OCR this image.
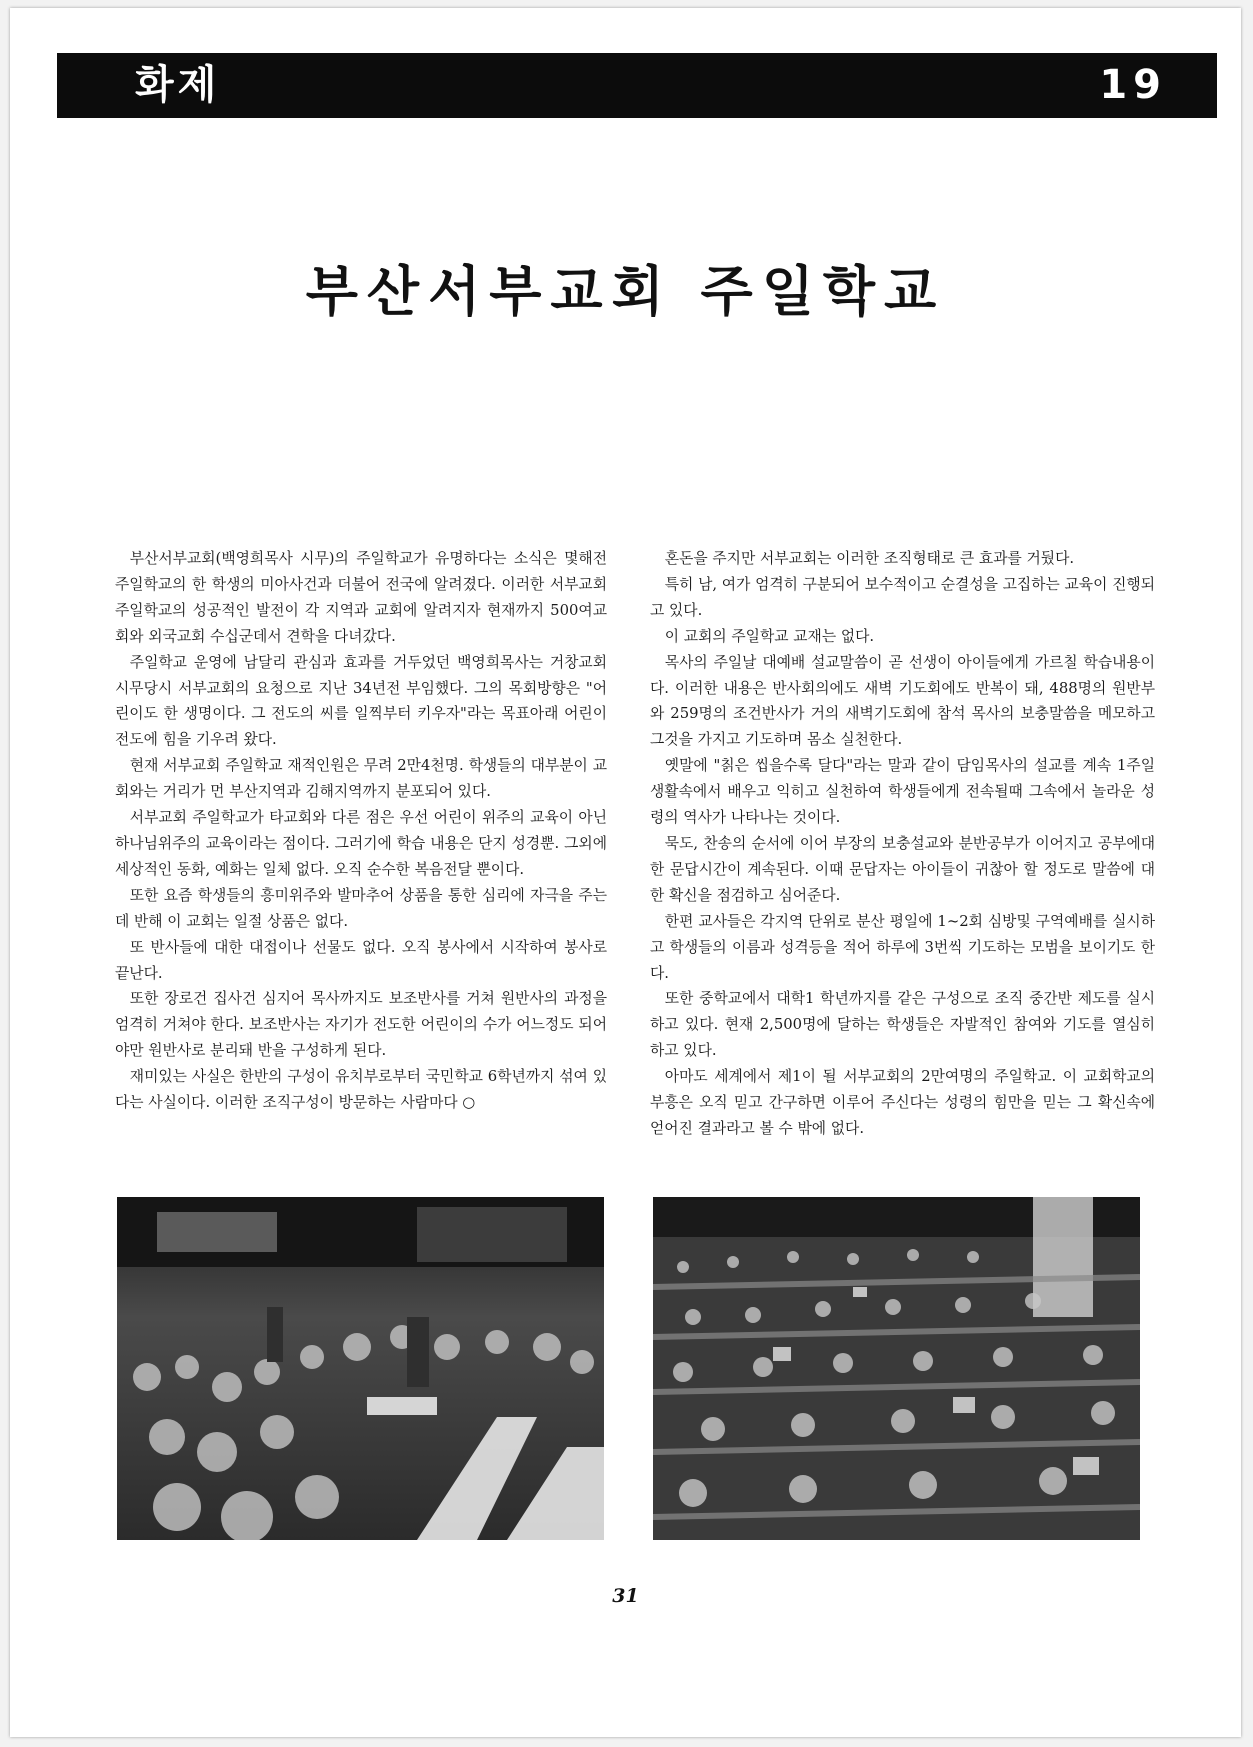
화제	19
부산서부교회 주일학교

부산서부교회(백영희목사 시무)의 주일학교가 유명하다는 소식은 몇해전 주일학교의 한 학생의 미아사건과 더불어 전국에 알려졌다. 이러한 서부교회 주일학교의 성공적인 발전이 각 지역과 교회에 알려지자 현재까지 500여교회와 외국교회 수십군데서 견학을 다녀갔다.

주일학교 운영에 남달리 관심과 효과를 거두었던 백영희목사는 거창교회 시무당시 서부교회의 요청으로 지난 34년전 부임했다. 그의 목회방향은 "어린이도 한 생명이다. 그 전도의 씨를 일찍부터 키우자"라는 목표아래 어린이 전도에 힘을 기우려 왔다.

현재 서부교회 주일학교 재적인원은 무려 2만4천명. 학생들의 대부분이 교회와는 거리가 먼 부산지역과 김해지역까지 분포되어 있다.

서부교회 주일학교가 타교회와 다른 점은 우선 어린이 위주의 교육이 아닌 하나님위주의 교육이라는 점이다. 그러기에 학습 내용은 단지 성경뿐. 그외에 세상적인 동화, 예화는 일체 없다. 오직 순수한 복음전달 뿐이다.

또한 요즘 학생들의 흥미위주와 발마추어 상품을 통한 심리에 자극을 주는데 반해 이 교회는 일절 상품은 없다.

또 반사들에 대한 대접이나 선물도 없다. 오직 봉사에서 시작하여 봉사로 끝난다.

또한 장로건 집사건 심지어 목사까지도 보조반사를 거쳐 원반사의 과정을 엄격히 거쳐야 한다. 보조반사는 자기가 전도한 어린이의 수가 어느정도 되어야만 원반사로 분리돼 반을 구성하게 된다.

재미있는 사실은 한반의 구성이 유치부로부터 국민학교 6학년까지 섞여 있다는 사실이다. 이러한 조직구성이 방문하는 사람마다 ○

혼돈을 주지만 서부교회는 이러한 조직형태로 큰 효과를 거뒀다.

특히 남, 여가 엄격히 구분되어 보수적이고 순결성을 고집하는 교육이 진행되고 있다.

이 교회의 주일학교 교재는 없다.

목사의 주일날 대예배 설교말씀이 곧 선생이 아이들에게 가르칠 학습내용이다. 이러한 내용은 반사회의에도 새벽 기도회에도 반복이 돼, 488명의 원반부와 259명의 조건반사가 거의 새벽기도회에 참석 목사의 보충말씀을 메모하고 그것을 가지고 기도하며 몸소 실천한다.

옛말에 "칡은 씹을수록 달다"라는 말과 같이 담임목사의 설교를 계속 1주일 생활속에서 배우고 익히고 실천하여 학생들에게 전속될때 그속에서 놀라운 성령의 역사가 나타나는 것이다.

묵도, 찬송의 순서에 이어 부장의 보충설교와 분반공부가 이어지고 공부에대한 문답시간이 계속된다. 이때 문답자는 아이들이 귀찮아 할 정도로 말씀에 대한 확신을 점검하고 심어준다.

한편 교사들은 각지역 단위로 분산 평일에 1~2회 심방및 구역예배를 실시하고 학생들의 이름과 성격등을 적어 하루에 3번씩 기도하는 모범을 보이기도 한다.

또한 중학교에서 대학1 학년까지를 같은 구성으로 조직 중간반 제도를 실시하고 있다. 현재 2,500명에 달하는 학생들은 자발적인 참여와 기도를 열심히 하고 있다.

아마도 세계에서 제1이 될 서부교회의 2만여명의 주일학교. 이 교회학교의 부흥은 오직 믿고 간구하면 이루어 주신다는 성령의 힘만을 믿는 그 확신속에 얻어진 결과라고 볼 수 밖에 없다.

31
